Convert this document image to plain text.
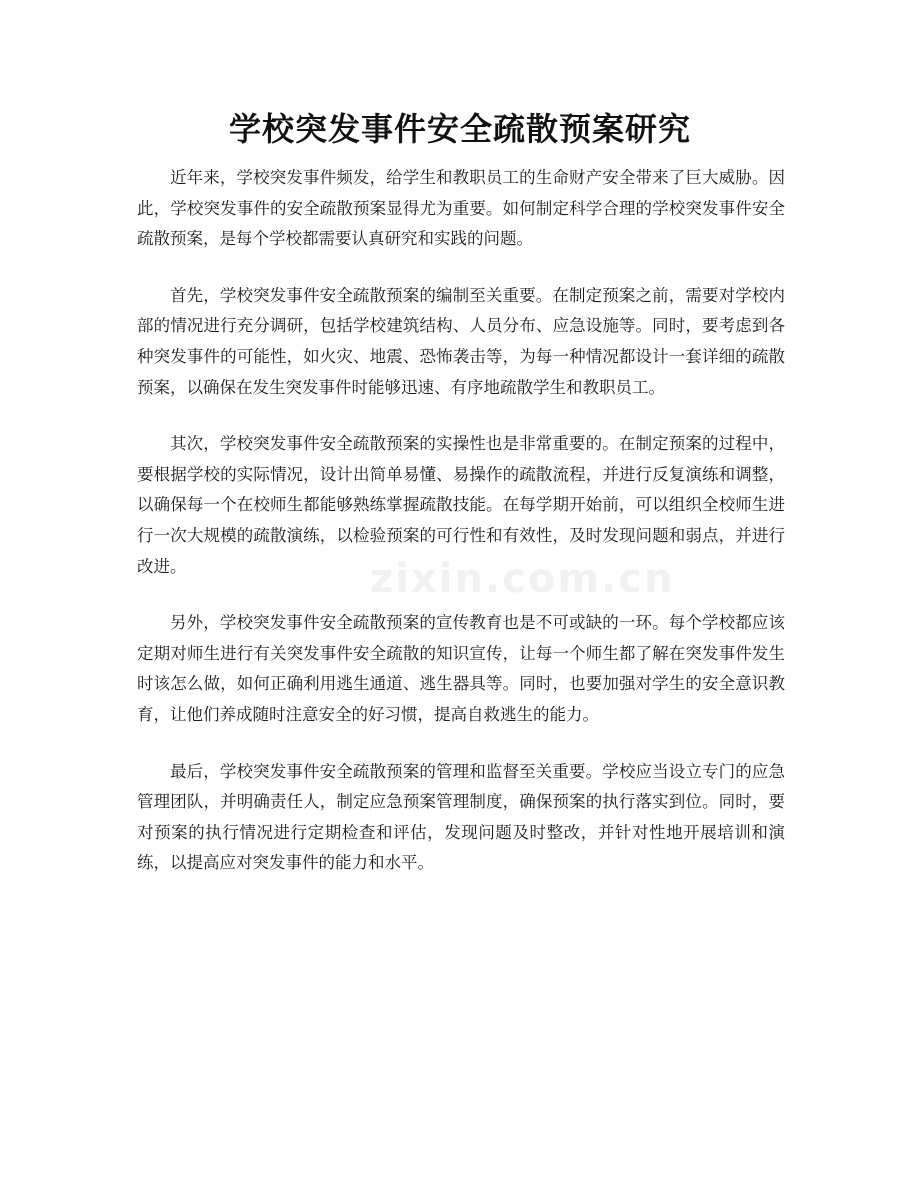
学校突发事件安全疏散预案研究

近年来，学校突发事件频发，给学生和教职员工的生命财产安全带来了巨大威胁。因此，学校突发事件的安全疏散预案显得尤为重要。如何制定科学合理的学校突发事件安全疏散预案，是每个学校都需要认真研究和实践的问题。

首先，学校突发事件安全疏散预案的编制至关重要。在制定预案之前，需要对学校内部的情况进行充分调研，包括学校建筑结构、人员分布、应急设施等。同时，要考虑到各种突发事件的可能性，如火灾、地震、恐怖袭击等，为每一种情况都设计一套详细的疏散预案，以确保在发生突发事件时能够迅速、有序地疏散学生和教职员工。

其次，学校突发事件安全疏散预案的实操性也是非常重要的。在制定预案的过程中，要根据学校的实际情况，设计出简单易懂、易操作的疏散流程，并进行反复演练和调整，以确保每一个在校师生都能够熟练掌握疏散技能。在每学期开始前，可以组织全校师生进行一次大规模的疏散演练，以检验预案的可行性和有效性，及时发现问题和弱点，并进行改进。

另外，学校突发事件安全疏散预案的宣传教育也是不可或缺的一环。每个学校都应该定期对师生进行有关突发事件安全疏散的知识宣传，让每一个师生都了解在突发事件发生时该怎么做，如何正确利用逃生通道、逃生器具等。同时，也要加强对学生的安全意识教育，让他们养成随时注意安全的好习惯，提高自救逃生的能力。

最后，学校突发事件安全疏散预案的管理和监督至关重要。学校应当设立专门的应急管理团队，并明确责任人，制定应急预案管理制度，确保预案的执行落实到位。同时，要对预案的执行情况进行定期检查和评估，发现问题及时整改，并针对性地开展培训和演练，以提高应对突发事件的能力和水平。

zixin.com.cn
